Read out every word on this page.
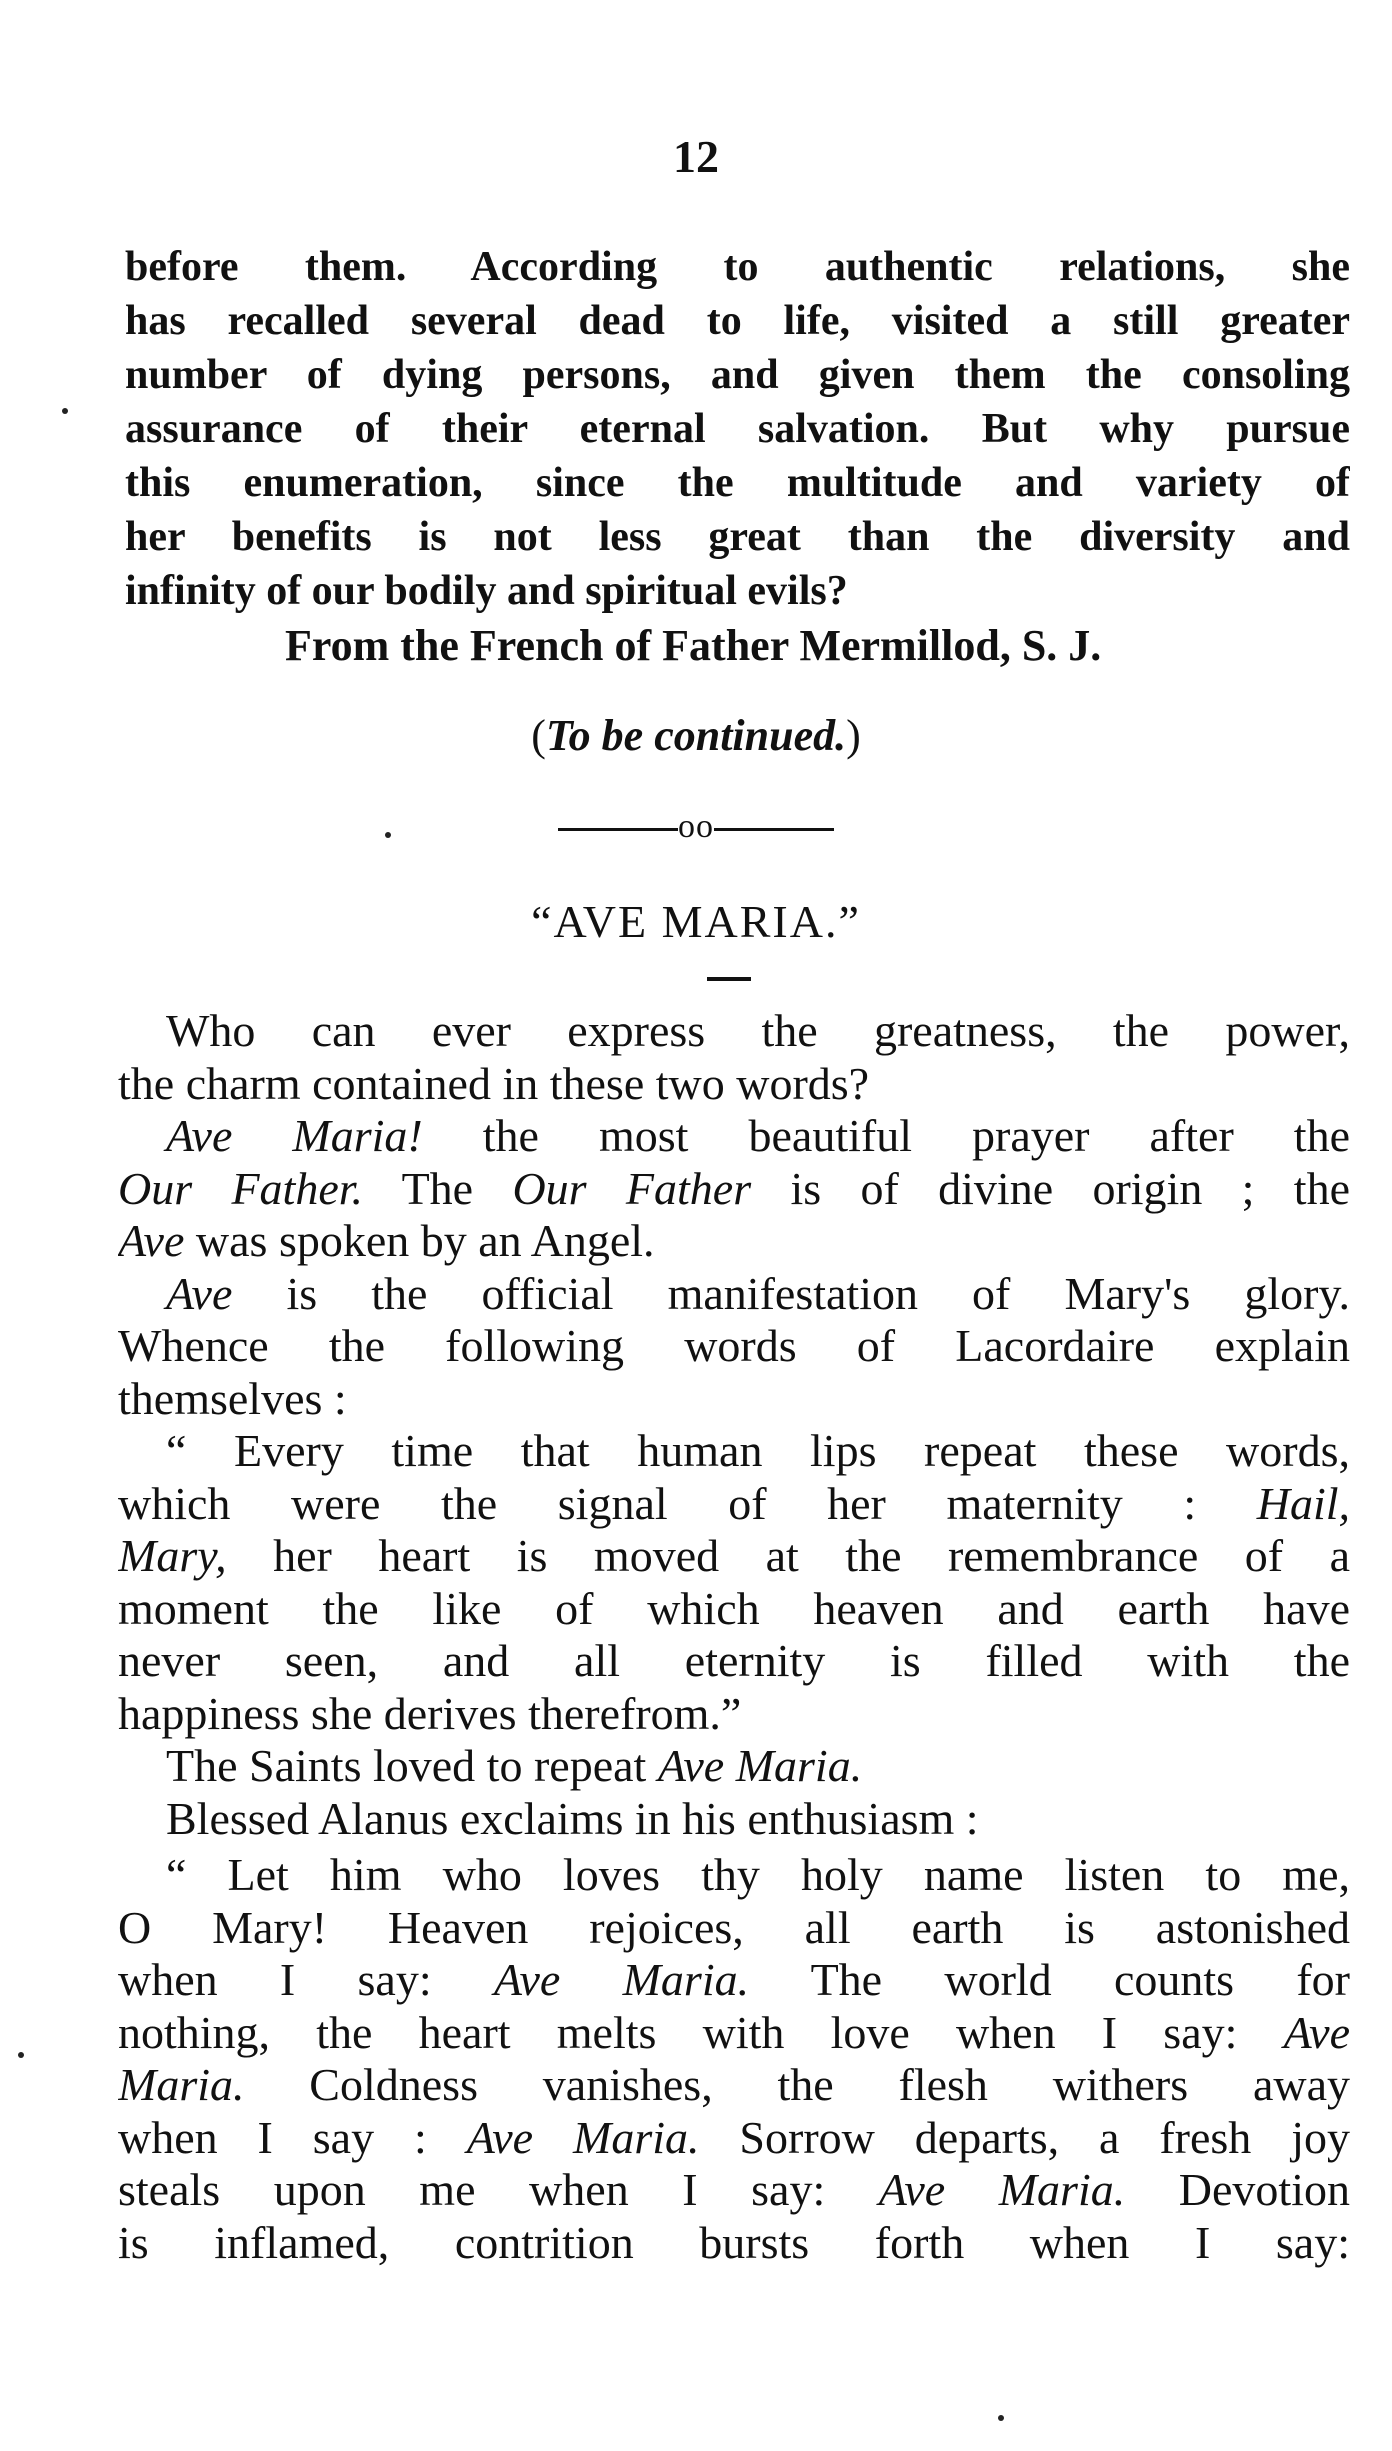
12
before them. According to authentic relations, she
has recalled several dead to life, visited a still greater
number of dying persons, and given them the consoling
assurance of their eternal salvation. But why pursue
this enumeration, since the multitude and variety of
her benefits is not less great than the diversity and
infinity of our bodily and spiritual evils?
From the French of Father Mermillod, S. J.
(To be continued.)
oo
“AVE MARIA.”
Who can ever express the greatness, the power,
the charm contained in these two words?
Ave Maria! the most beautiful prayer after the
Our Father. The Our Father is of divine origin ; the
Ave was spoken by an Angel.
Ave is the official manifestation of Mary's glory.
Whence the following words of Lacordaire explain
themselves :
“ Every time that human lips repeat these words,
which were the signal of her maternity : Hail,
Mary, her heart is moved at the remembrance of a
moment the like of which heaven and earth have
never seen, and all eternity is filled with the
happiness she derives therefrom.”
The Saints loved to repeat Ave Maria.
Blessed Alanus exclaims in his enthusiasm :
“ Let him who loves thy holy name listen to me,
O Mary! Heaven rejoices, all earth is astonished
when I say: Ave Maria. The world counts for
nothing, the heart melts with love when I say: Ave
Maria. Coldness vanishes, the flesh withers away
when I say : Ave Maria. Sorrow departs, a fresh joy
steals upon me when I say: Ave Maria. Devotion
is inflamed, contrition bursts forth when I say:
